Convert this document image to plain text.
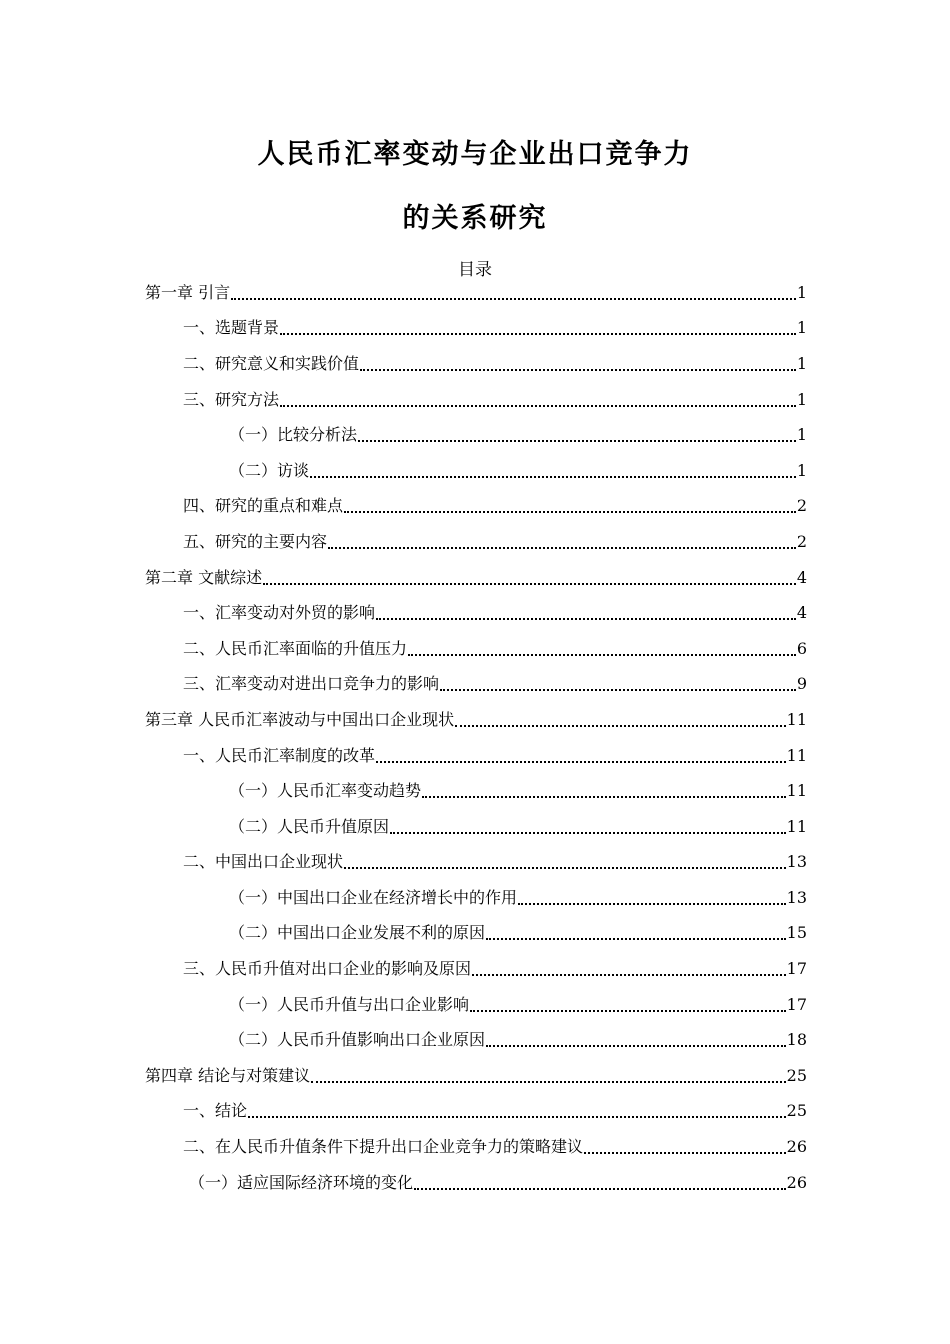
人民币汇率变动与企业出口竞争力
的关系研究
目录
第一章 引言	1
一、选题背景	1
二、研究意义和实践价值	1
三、研究方法	1
（一）比较分析法	1
（二）访谈	1
四、研究的重点和难点	2
五、研究的主要内容	2
第二章 文献综述	4
一、汇率变动对外贸的影响	4
二、人民币汇率面临的升值压力	6
三、汇率变动对进出口竞争力的影响	9
第三章 人民币汇率波动与中国出口企业现状	11
一、人民币汇率制度的改革	11
（一）人民币汇率变动趋势	11
（二）人民币升值原因	11
二、中国出口企业现状	13
（一）中国出口企业在经济增长中的作用	13
（二）中国出口企业发展不利的原因	15
三、人民币升值对出口企业的影响及原因	17
（一）人民币升值与出口企业影响	17
（二）人民币升值影响出口企业原因	18
第四章 结论与对策建议	25
一、结论	25
二、在人民币升值条件下提升出口企业竞争力的策略建议	26
（一）适应国际经济环境的变化	26
